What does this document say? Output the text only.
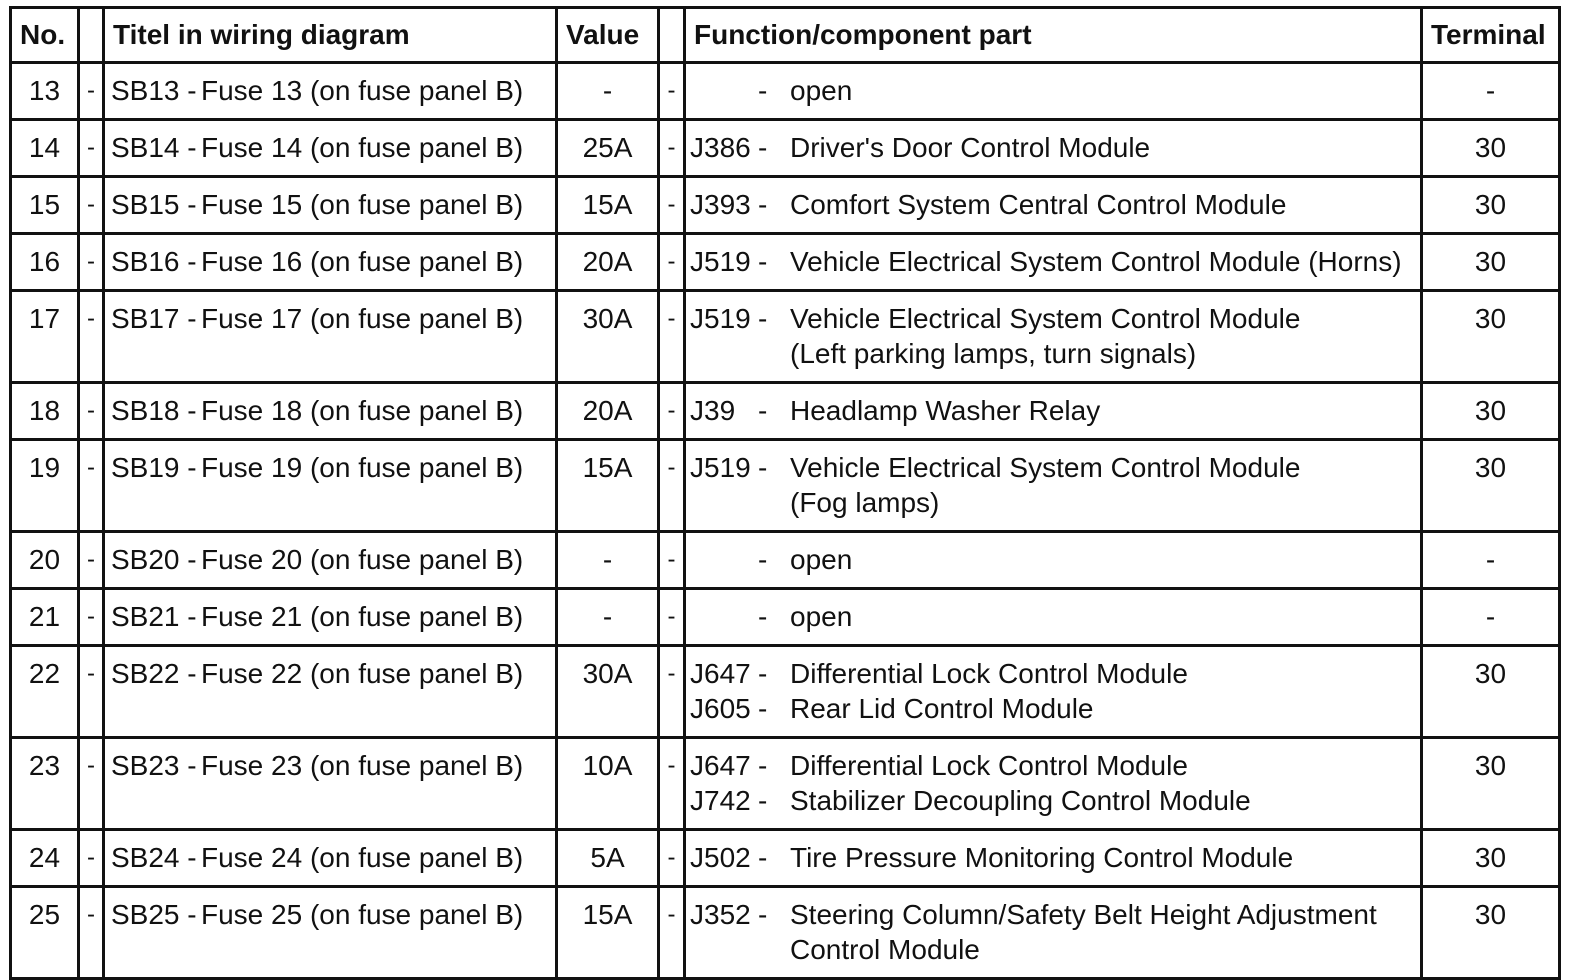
No.		Titel in wiring diagram	Value		Function/component part	Terminal
13	-	SB13 - Fuse 13 (on fuse panel B)	-	-	- open	-
14	-	SB14 - Fuse 14 (on fuse panel B)	25A	-	J386 - Driver's Door Control Module	30
15	-	SB15 - Fuse 15 (on fuse panel B)	15A	-	J393 - Comfort System Central Control Module	30
16	-	SB16 - Fuse 16 (on fuse panel B)	20A	-	J519 - Vehicle Electrical System Control Module (Horns)	30
17	-	SB17 - Fuse 17 (on fuse panel B)	30A	-	J519 - Vehicle Electrical System Control Module
(Left parking lamps, turn signals)	30
18	-	SB18 - Fuse 18 (on fuse panel B)	20A	-	J39 - Headlamp Washer Relay	30
19	-	SB19 - Fuse 19 (on fuse panel B)	15A	-	J519 - Vehicle Electrical System Control Module
(Fog lamps)	30
20	-	SB20 - Fuse 20 (on fuse panel B)	-	-	- open	-
21	-	SB21 - Fuse 21 (on fuse panel B)	-	-	- open	-
22	-	SB22 - Fuse 22 (on fuse panel B)	30A	-	J647 - Differential Lock Control Module
J605 - Rear Lid Control Module	30
23	-	SB23 - Fuse 23 (on fuse panel B)	10A	-	J647 - Differential Lock Control Module
J742 - Stabilizer Decoupling Control Module	30
24	-	SB24 - Fuse 24 (on fuse panel B)	5A	-	J502 - Tire Pressure Monitoring Control Module	30
25	-	SB25 - Fuse 25 (on fuse panel B)	15A	-	J352 - Steering Column/Safety Belt Height Adjustment
Control Module	30
